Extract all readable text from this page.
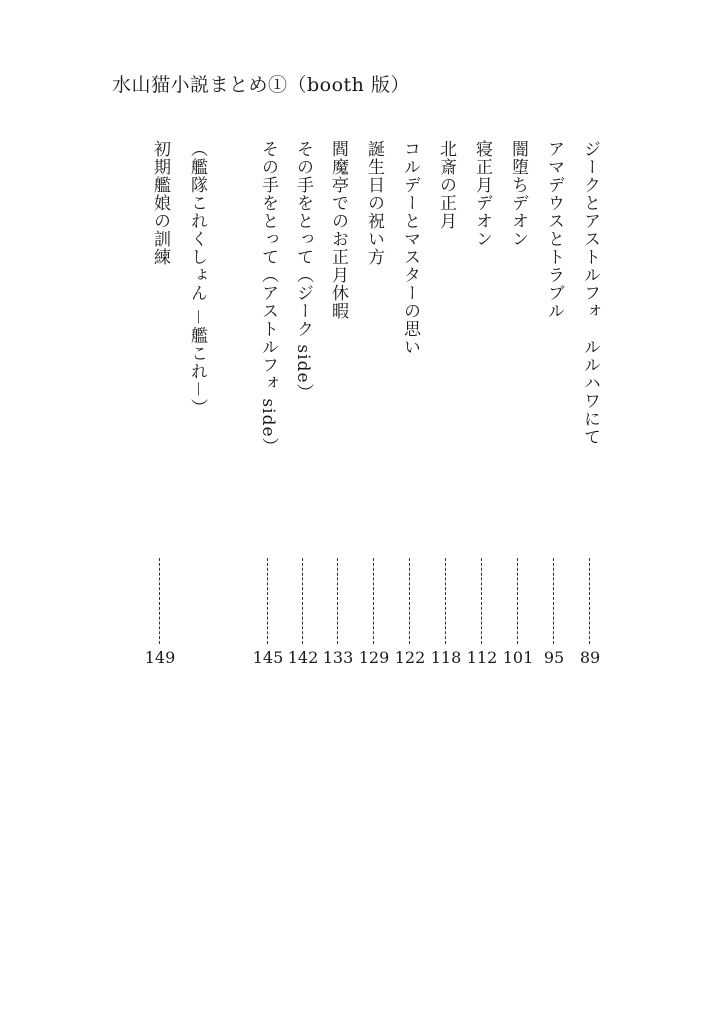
水山猫小説まとめ①（booth 版）
ジークとアストルフォ　ルルハワにて
89
アマデウスとトラブル
95
闇堕ちデオン
101
寝正月デオン
112
北斎の正月
118
コルデーとマスターの思い
122
誕生日の祝い方
129
閻魔亭でのお正月休暇
133
その手をとって（ジーク side）
142
その手をとって（アストルフォ side）
145
（艦隊これくしょん －艦これ－）
初期艦娘の訓練
149
